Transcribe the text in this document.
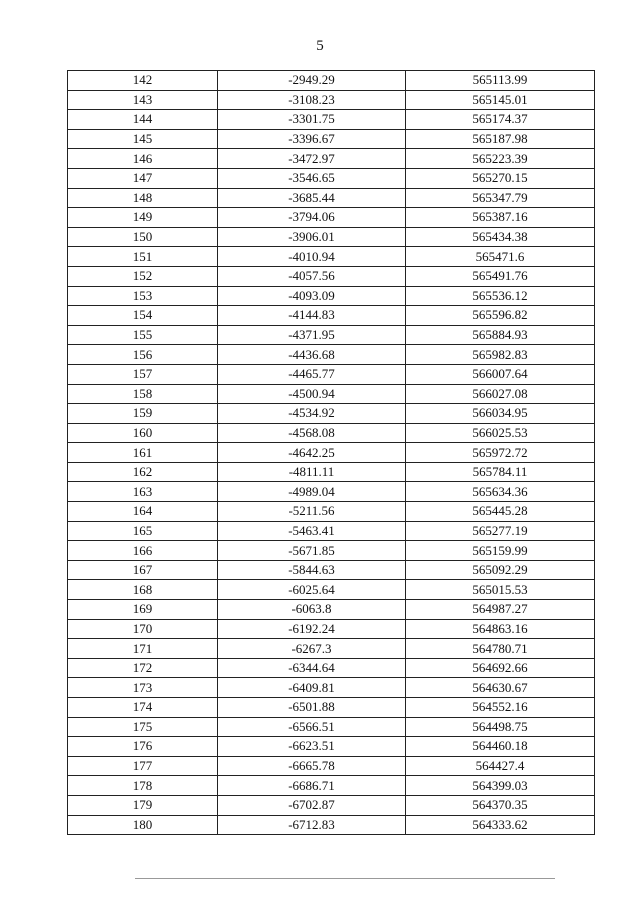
5
142	-2949.29	565113.99
143	-3108.23	565145.01
144	-3301.75	565174.37
145	-3396.67	565187.98
146	-3472.97	565223.39
147	-3546.65	565270.15
148	-3685.44	565347.79
149	-3794.06	565387.16
150	-3906.01	565434.38
151	-4010.94	565471.6
152	-4057.56	565491.76
153	-4093.09	565536.12
154	-4144.83	565596.82
155	-4371.95	565884.93
156	-4436.68	565982.83
157	-4465.77	566007.64
158	-4500.94	566027.08
159	-4534.92	566034.95
160	-4568.08	566025.53
161	-4642.25	565972.72
162	-4811.11	565784.11
163	-4989.04	565634.36
164	-5211.56	565445.28
165	-5463.41	565277.19
166	-5671.85	565159.99
167	-5844.63	565092.29
168	-6025.64	565015.53
169	-6063.8	564987.27
170	-6192.24	564863.16
171	-6267.3	564780.71
172	-6344.64	564692.66
173	-6409.81	564630.67
174	-6501.88	564552.16
175	-6566.51	564498.75
176	-6623.51	564460.18
177	-6665.78	564427.4
178	-6686.71	564399.03
179	-6702.87	564370.35
180	-6712.83	564333.62
